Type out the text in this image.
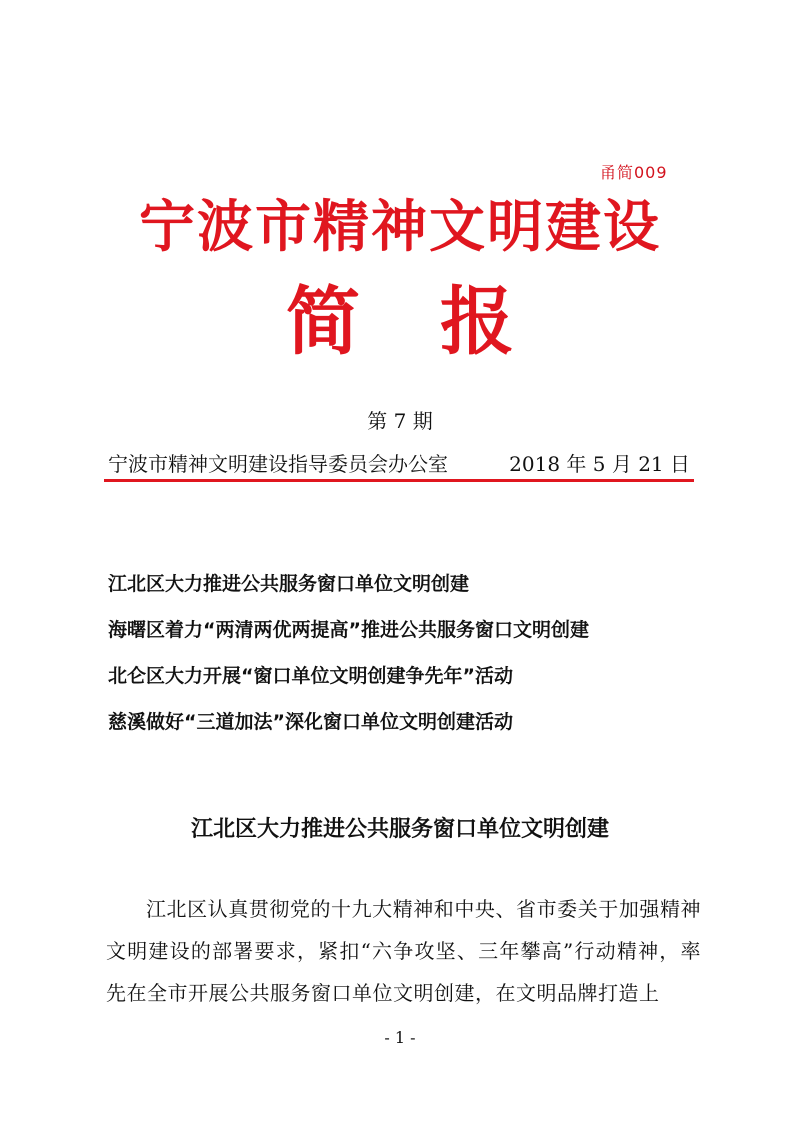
甬简009
宁波市精神文明建设
简报
第 7 期
宁波市精神文明建设指导委员会办公室	2018 年 5 月 21 日
江北区大力推进公共服务窗口单位文明创建
海曙区着力“两清两优两提高”推进公共服务窗口文明创建
北仑区大力开展“窗口单位文明创建争先年”活动
慈溪做好“三道加法”深化窗口单位文明创建活动
江北区大力推进公共服务窗口单位文明创建

江北区认真贯彻党的十九大精神和中央、省市委关于加强精神文明建设的部署要求，紧扣“六争攻坚、三年攀高”行动精神，率先在全市开展公共服务窗口单位文明创建，在文明品牌打造上

- 1 -
